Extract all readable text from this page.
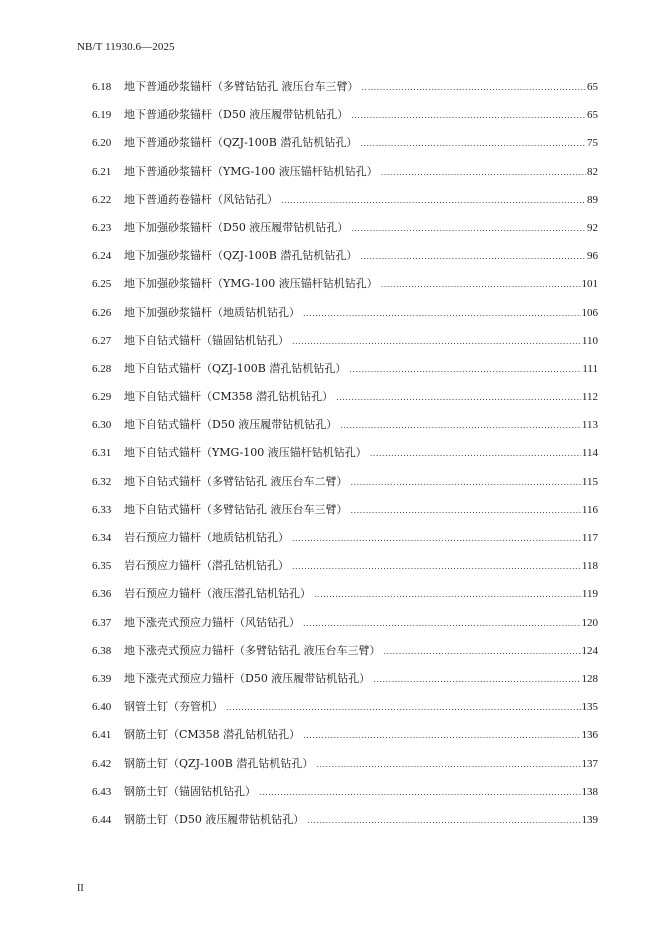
NB/T 11930.6—2025
6.18	地下普通砂浆锚杆（多臂钻钻孔 液压台车三臂） .....	65
6.19	地下普通砂浆锚杆（D50 液压履带钻机钻孔） .....	65
6.20	地下普通砂浆锚杆（QZJ-100B 潜孔钻机钻孔） .....	75
6.21	地下普通砂浆锚杆（YMG-100 液压锚杆钻机钻孔） .....	82
6.22	地下普通药卷锚杆（风钻钻孔） .....	89
6.23	地下加强砂浆锚杆（D50 液压履带钻机钻孔） .....	92
6.24	地下加强砂浆锚杆（QZJ-100B 潜孔钻机钻孔） .....	96
6.25	地下加强砂浆锚杆（YMG-100 液压锚杆钻机钻孔） .....	101
6.26	地下加强砂浆锚杆（地质钻机钻孔） .....	106
6.27	地下自钻式锚杆（锚固钻机钻孔） .....	110
6.28	地下自钻式锚杆（QZJ-100B 潜孔钻机钻孔） .....	111
6.29	地下自钻式锚杆（CM358 潜孔钻机钻孔） .....	112
6.30	地下自钻式锚杆（D50 液压履带钻机钻孔） .....	113
6.31	地下自钻式锚杆（YMG-100 液压锚杆钻机钻孔） .....	114
6.32	地下自钻式锚杆（多臂钻钻孔 液压台车二臂） .....	115
6.33	地下自钻式锚杆（多臂钻钻孔 液压台车三臂） .....	116
6.34	岩石预应力锚杆（地质钻机钻孔） .....	117
6.35	岩石预应力锚杆（潜孔钻机钻孔） .....	118
6.36	岩石预应力锚杆（液压潜孔钻机钻孔） .....	119
6.37	地下涨壳式预应力锚杆（风钻钻孔） .....	120
6.38	地下涨壳式预应力锚杆（多臂钻钻孔 液压台车三臂） .....	124
6.39	地下涨壳式预应力锚杆（D50 液压履带钻机钻孔） .....	128
6.40	钢管土钉（夯管机） .....	135
6.41	钢筋土钉（CM358 潜孔钻机钻孔） .....	136
6.42	钢筋土钉（QZJ-100B 潜孔钻机钻孔） .....	137
6.43	钢筋土钉（锚固钻机钻孔） .....	138
6.44	钢筋土钉（D50 液压履带钻机钻孔） .....	139
II
